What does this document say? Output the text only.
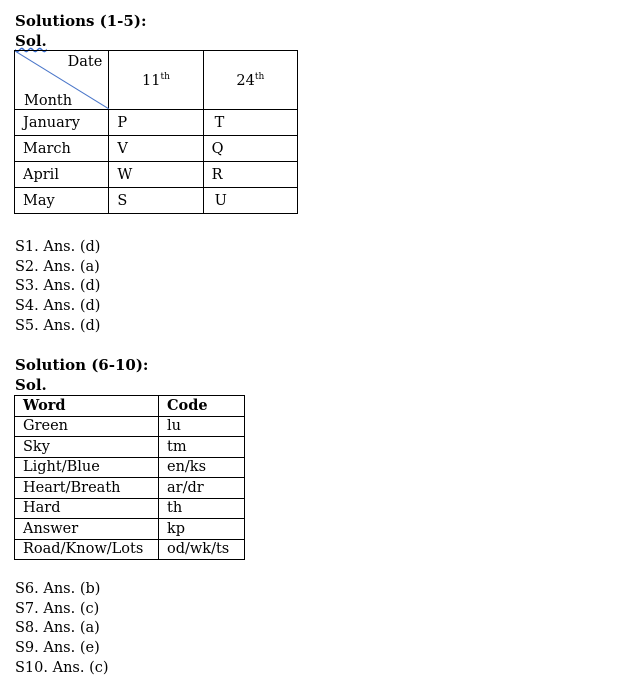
Solutions (1-5):
Sol.
Date
Month	11th	24th
January	P	T
March	V	Q
April	W	R
May	S	U
S1. Ans. (d)
S2. Ans. (a)
S3. Ans. (d)
S4. Ans. (d)
S5. Ans. (d)
Solution (6-10):
Sol.
Word	Code
Green	lu
Sky	tm
Light/Blue	en/ks
Heart/Breath	ar/dr
Hard	th
Answer	kp
Road/Know/Lots	od/wk/ts
S6. Ans. (b)
S7. Ans. (c)
S8. Ans. (a)
S9. Ans. (e)
S10. Ans. (c)
